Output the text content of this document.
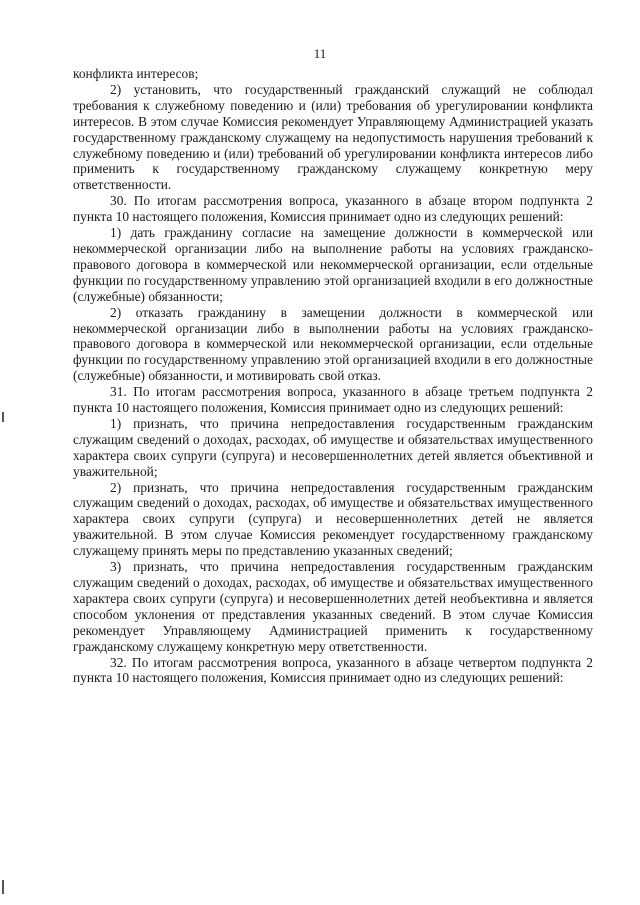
11

конфликта интересов;

2) установить, что государственный гражданский служащий не соблюдал требования к служебному поведению и (или) требования об урегулировании конфликта интересов. В этом случае Комиссия рекомендует Управляющему Администрацией указать государственному гражданскому служащему на недопустимость нарушения требований к служебному поведению и (или) требований об урегулировании конфликта интересов либо применить к государственному гражданскому служащему конкретную меру ответственности.

30. По итогам рассмотрения вопроса, указанного в абзаце втором подпункта 2 пункта 10 настоящего положения, Комиссия принимает одно из следующих решений:

1) дать гражданину согласие на замещение должности в коммерческой или некоммерческой организации либо на выполнение работы на условиях гражданско-правового договора в коммерческой или некоммерческой организации, если отдельные функции по государственному управлению этой организацией входили в его должностные (служебные) обязанности;

2) отказать гражданину в замещении должности в коммерческой или некоммерческой организации либо в выполнении работы на условиях гражданско-правового договора в коммерческой или некоммерческой организации, если отдельные функции по государственному управлению этой организацией входили в его должностные (служебные) обязанности, и мотивировать свой отказ.

31. По итогам рассмотрения вопроса, указанного в абзаце третьем подпункта 2 пункта 10 настоящего положения, Комиссия принимает одно из следующих решений:

1) признать, что причина непредоставления государственным гражданским служащим сведений о доходах, расходах, об имуществе и обязательствах имущественного характера своих супруги (супруга) и несовершеннолетних детей является объективной и уважительной;

2) признать, что причина непредоставления государственным гражданским служащим сведений о доходах, расходах, об имуществе и обязательствах имущественного характера своих супруги (супруга) и несовершеннолетних детей не является уважительной. В этом случае Комиссия рекомендует государственному гражданскому служащему принять меры по представлению указанных сведений;

3) признать, что причина непредоставления государственным гражданским служащим сведений о доходах, расходах, об имуществе и обязательствах имущественного характера своих супруги (супруга) и несовершеннолетних детей необъективна и является способом уклонения от представления указанных сведений. В этом случае Комиссия рекомендует Управляющему Администрацией применить к государственному гражданскому служащему конкретную меру ответственности.

32. По итогам рассмотрения вопроса, указанного в абзаце четвертом подпункта 2 пункта 10 настоящего положения, Комиссия принимает одно из следующих решений:
